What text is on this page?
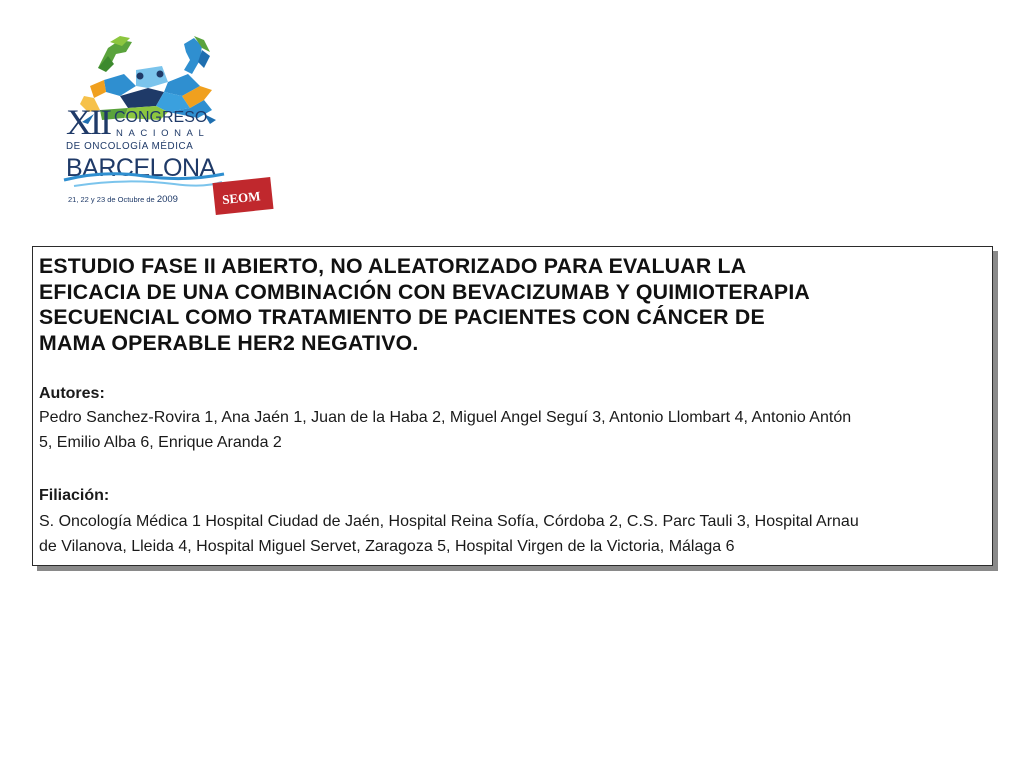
XII CONGRESO
NACIONAL
DE ONCOLOGÍA MÉDICA
BARCELONA
21, 22 y 23 de Octubre de 2009	SEOM
ESTUDIO FASE II ABIERTO, NO ALEATORIZADO PARA EVALUAR LA
EFICACIA DE UNA COMBINACIÓN CON BEVACIZUMAB Y QUIMIOTERAPIA
SECUENCIAL COMO TRATAMIENTO DE PACIENTES CON CÁNCER DE
MAMA OPERABLE HER2 NEGATIVO.
Autores:

Pedro Sanchez-Rovira 1, Ana Jaén 1, Juan de la Haba 2, Miguel Angel Seguí 3, Antonio Llombart 4, Antonio Antón
5, Emilio Alba 6, Enrique Aranda 2

Filiación:

S. Oncología Médica 1 Hospital Ciudad de Jaén, Hospital Reina Sofía, Córdoba 2, C.S. Parc Tauli 3, Hospital Arnau
de Vilanova, Lleida 4, Hospital Miguel Servet, Zaragoza 5, Hospital Virgen de la Victoria, Málaga 6
